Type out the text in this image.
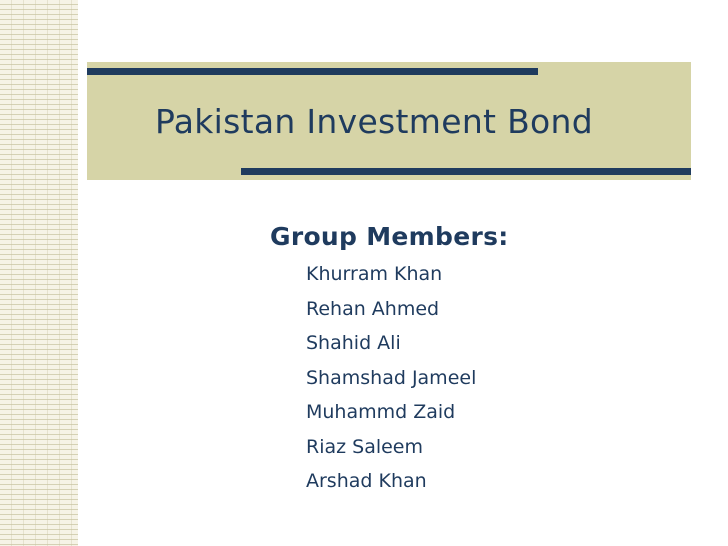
Pakistan Investment Bond
Group Members:
Khurram Khan
Rehan Ahmed
Shahid Ali
Shamshad Jameel
Muhammd Zaid
Riaz Saleem
Arshad Khan
